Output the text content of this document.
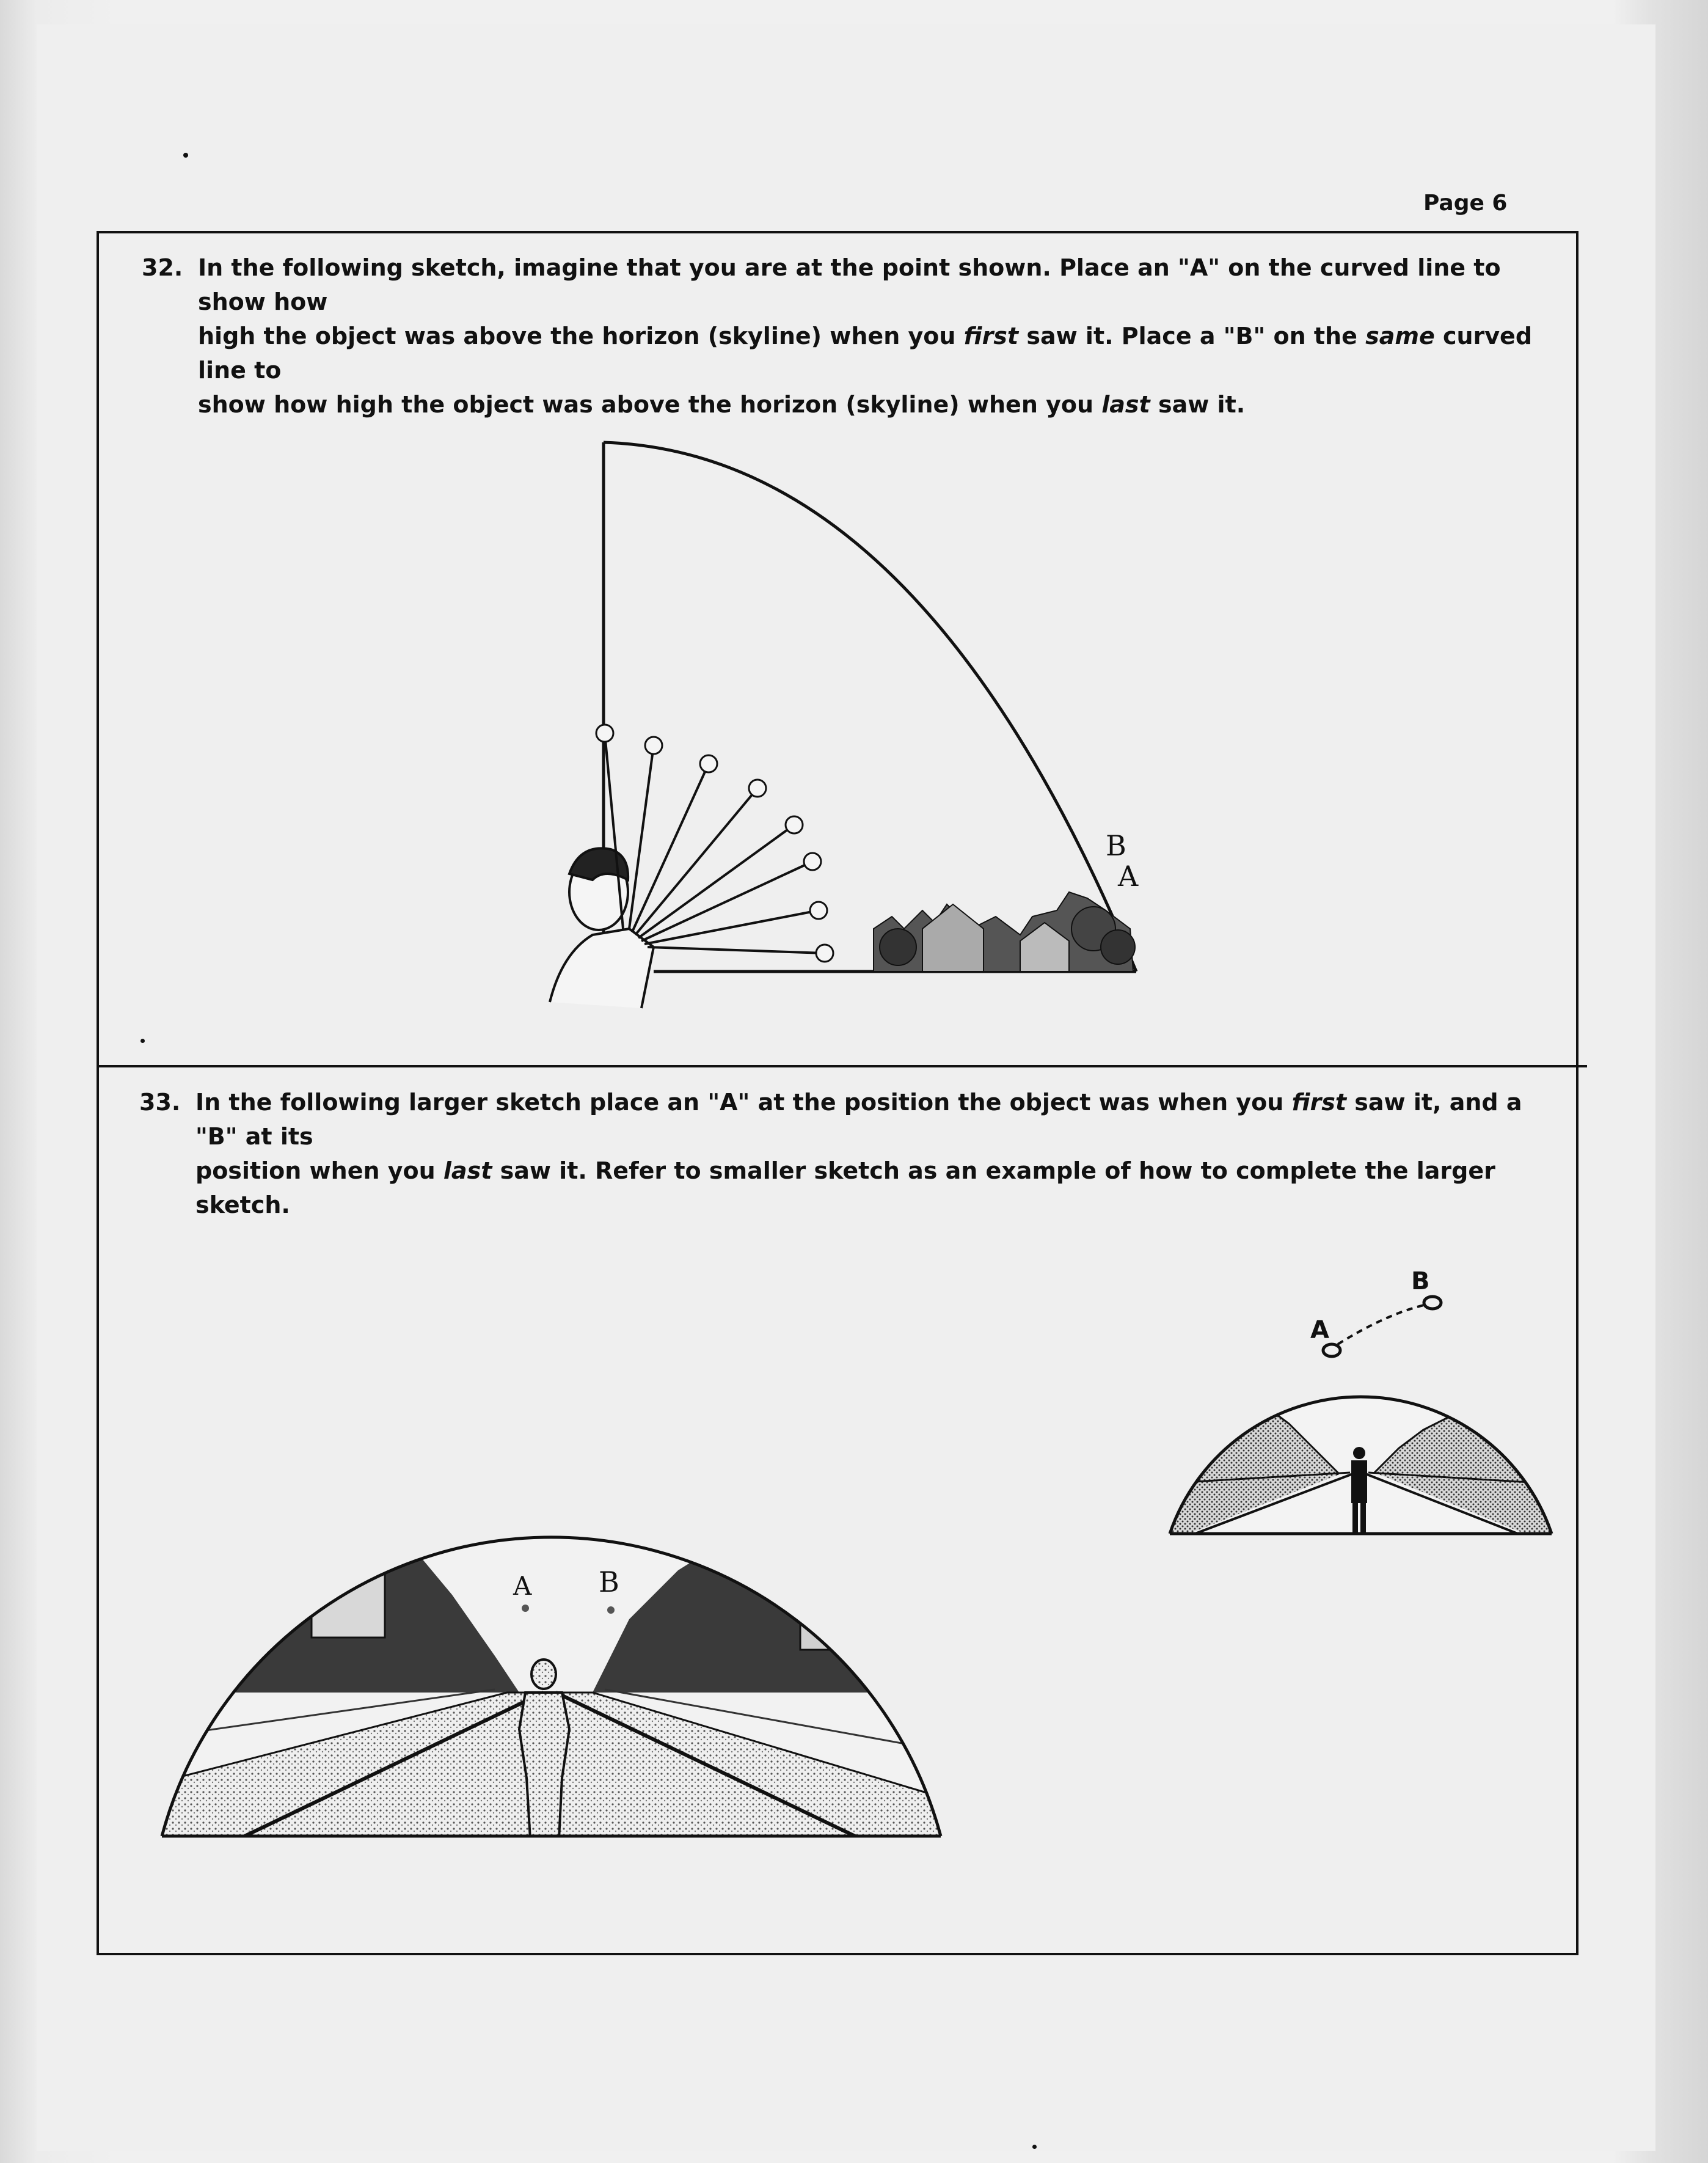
Page 6
32. In the following sketch, imagine that you are at the point shown. Place an "A" on the curved line to show how
high the object was above the horizon (skyline) when you first saw it. Place a "B" on the same curved line to
show how high the object was above the horizon (skyline) when you last saw it.
B
A
33. In the following larger sketch place an "A" at the position the object was when you first saw it, and a "B" at its
position when you last saw it. Refer to smaller sketch as an example of how to complete the larger sketch.
A B
A
B
